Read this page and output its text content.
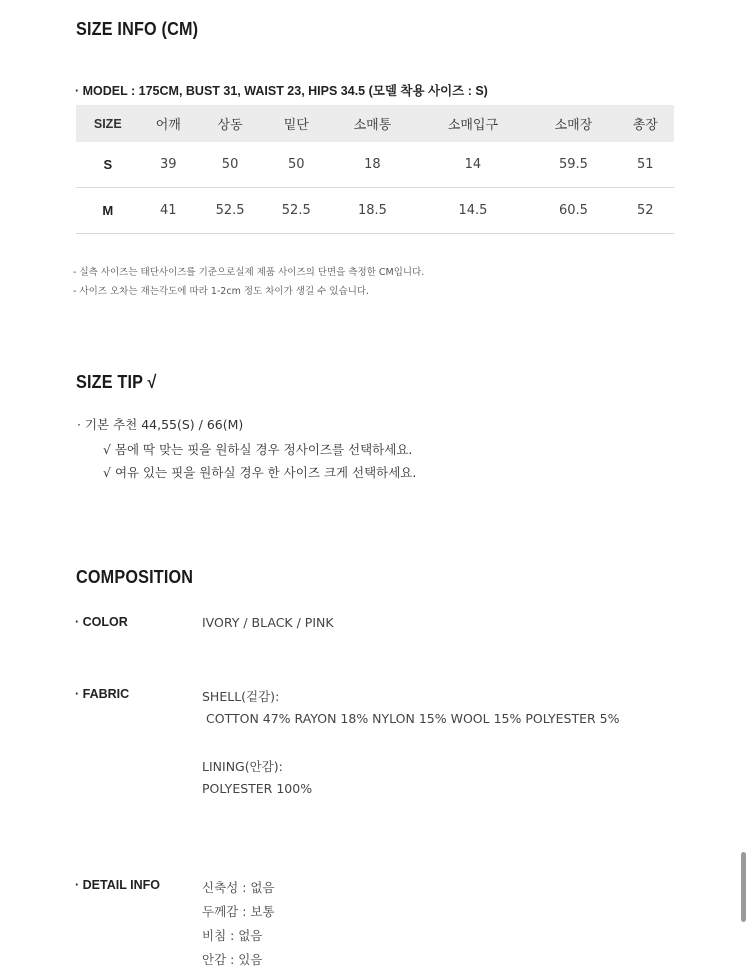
SIZE INFO (CM)
· MODEL : 175CM, BUST 31, WAIST 23, HIPS 34.5 (모델 착용 사이즈 : S)
SIZE	어깨	상동	밑단	소매통	소매입구	소매장	총장
S	39	50	50	18	14	59.5	51
M	41	52.5	52.5	18.5	14.5	60.5	52
- 실측 사이즈는 태단사이즈를 기준으로실제 제품 사이즈의 단면을 측정한 CM입니다.
- 사이즈 오차는 재는각도에 따라 1-2cm 정도 차이가 생길 수 있습니다.
SIZE TIP √
· 기본 추천 44,55(S) / 66(M)
√ 몸에 딱 맞는 핏을 원하실 경우 정사이즈를 선택하세요.
√ 여유 있는 핏을 원하실 경우 한 사이즈 크게 선택하세요.
COMPOSITION
· COLOR	IVORY / BLACK / PINK
· FABRIC	SHELL(겉감):
COTTON 47% RAYON 18% NYLON 15% WOOL 15% POLYESTER 5%
LINING(안감):
POLYESTER 100%
· DETAIL INFO	신축성 : 없음
두께감 : 보통
비침 : 없음
안감 : 있음
